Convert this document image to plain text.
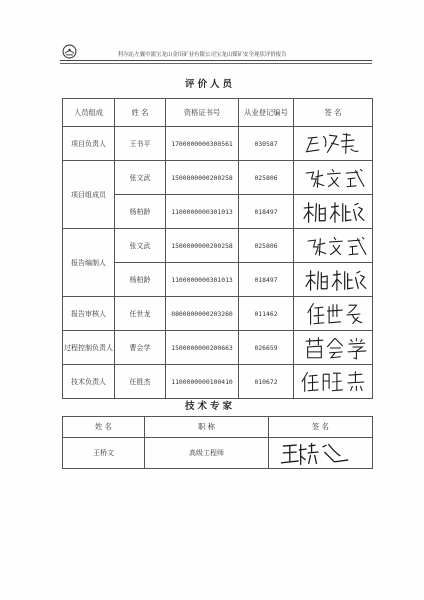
科尔沁左翼中旗宝龙山金田矿业有限公司宝龙山煤矿安全现状评价报告
评价人员
人员组成	姓 名	资格证书号	从业登记编号	签 名
项目负责人	王书平	1700000000300561	030587	

项目组成员	张文武	1500000000200258	025806	

	杨柏龄	1100000000301013	018497	

报告编制人	张文武	1500000000200258	025806	

	杨柏龄	1100000000301013	018497	

报告审核人	任世龙	0800000000203260	011462	

过程控制负责人	曹会学	1500000000200663	026659	

技术负责人	任胜杰	1100000000100410	010672	
技术专家
姓 名	职 称	签 名
王桥文	高级工程师	
